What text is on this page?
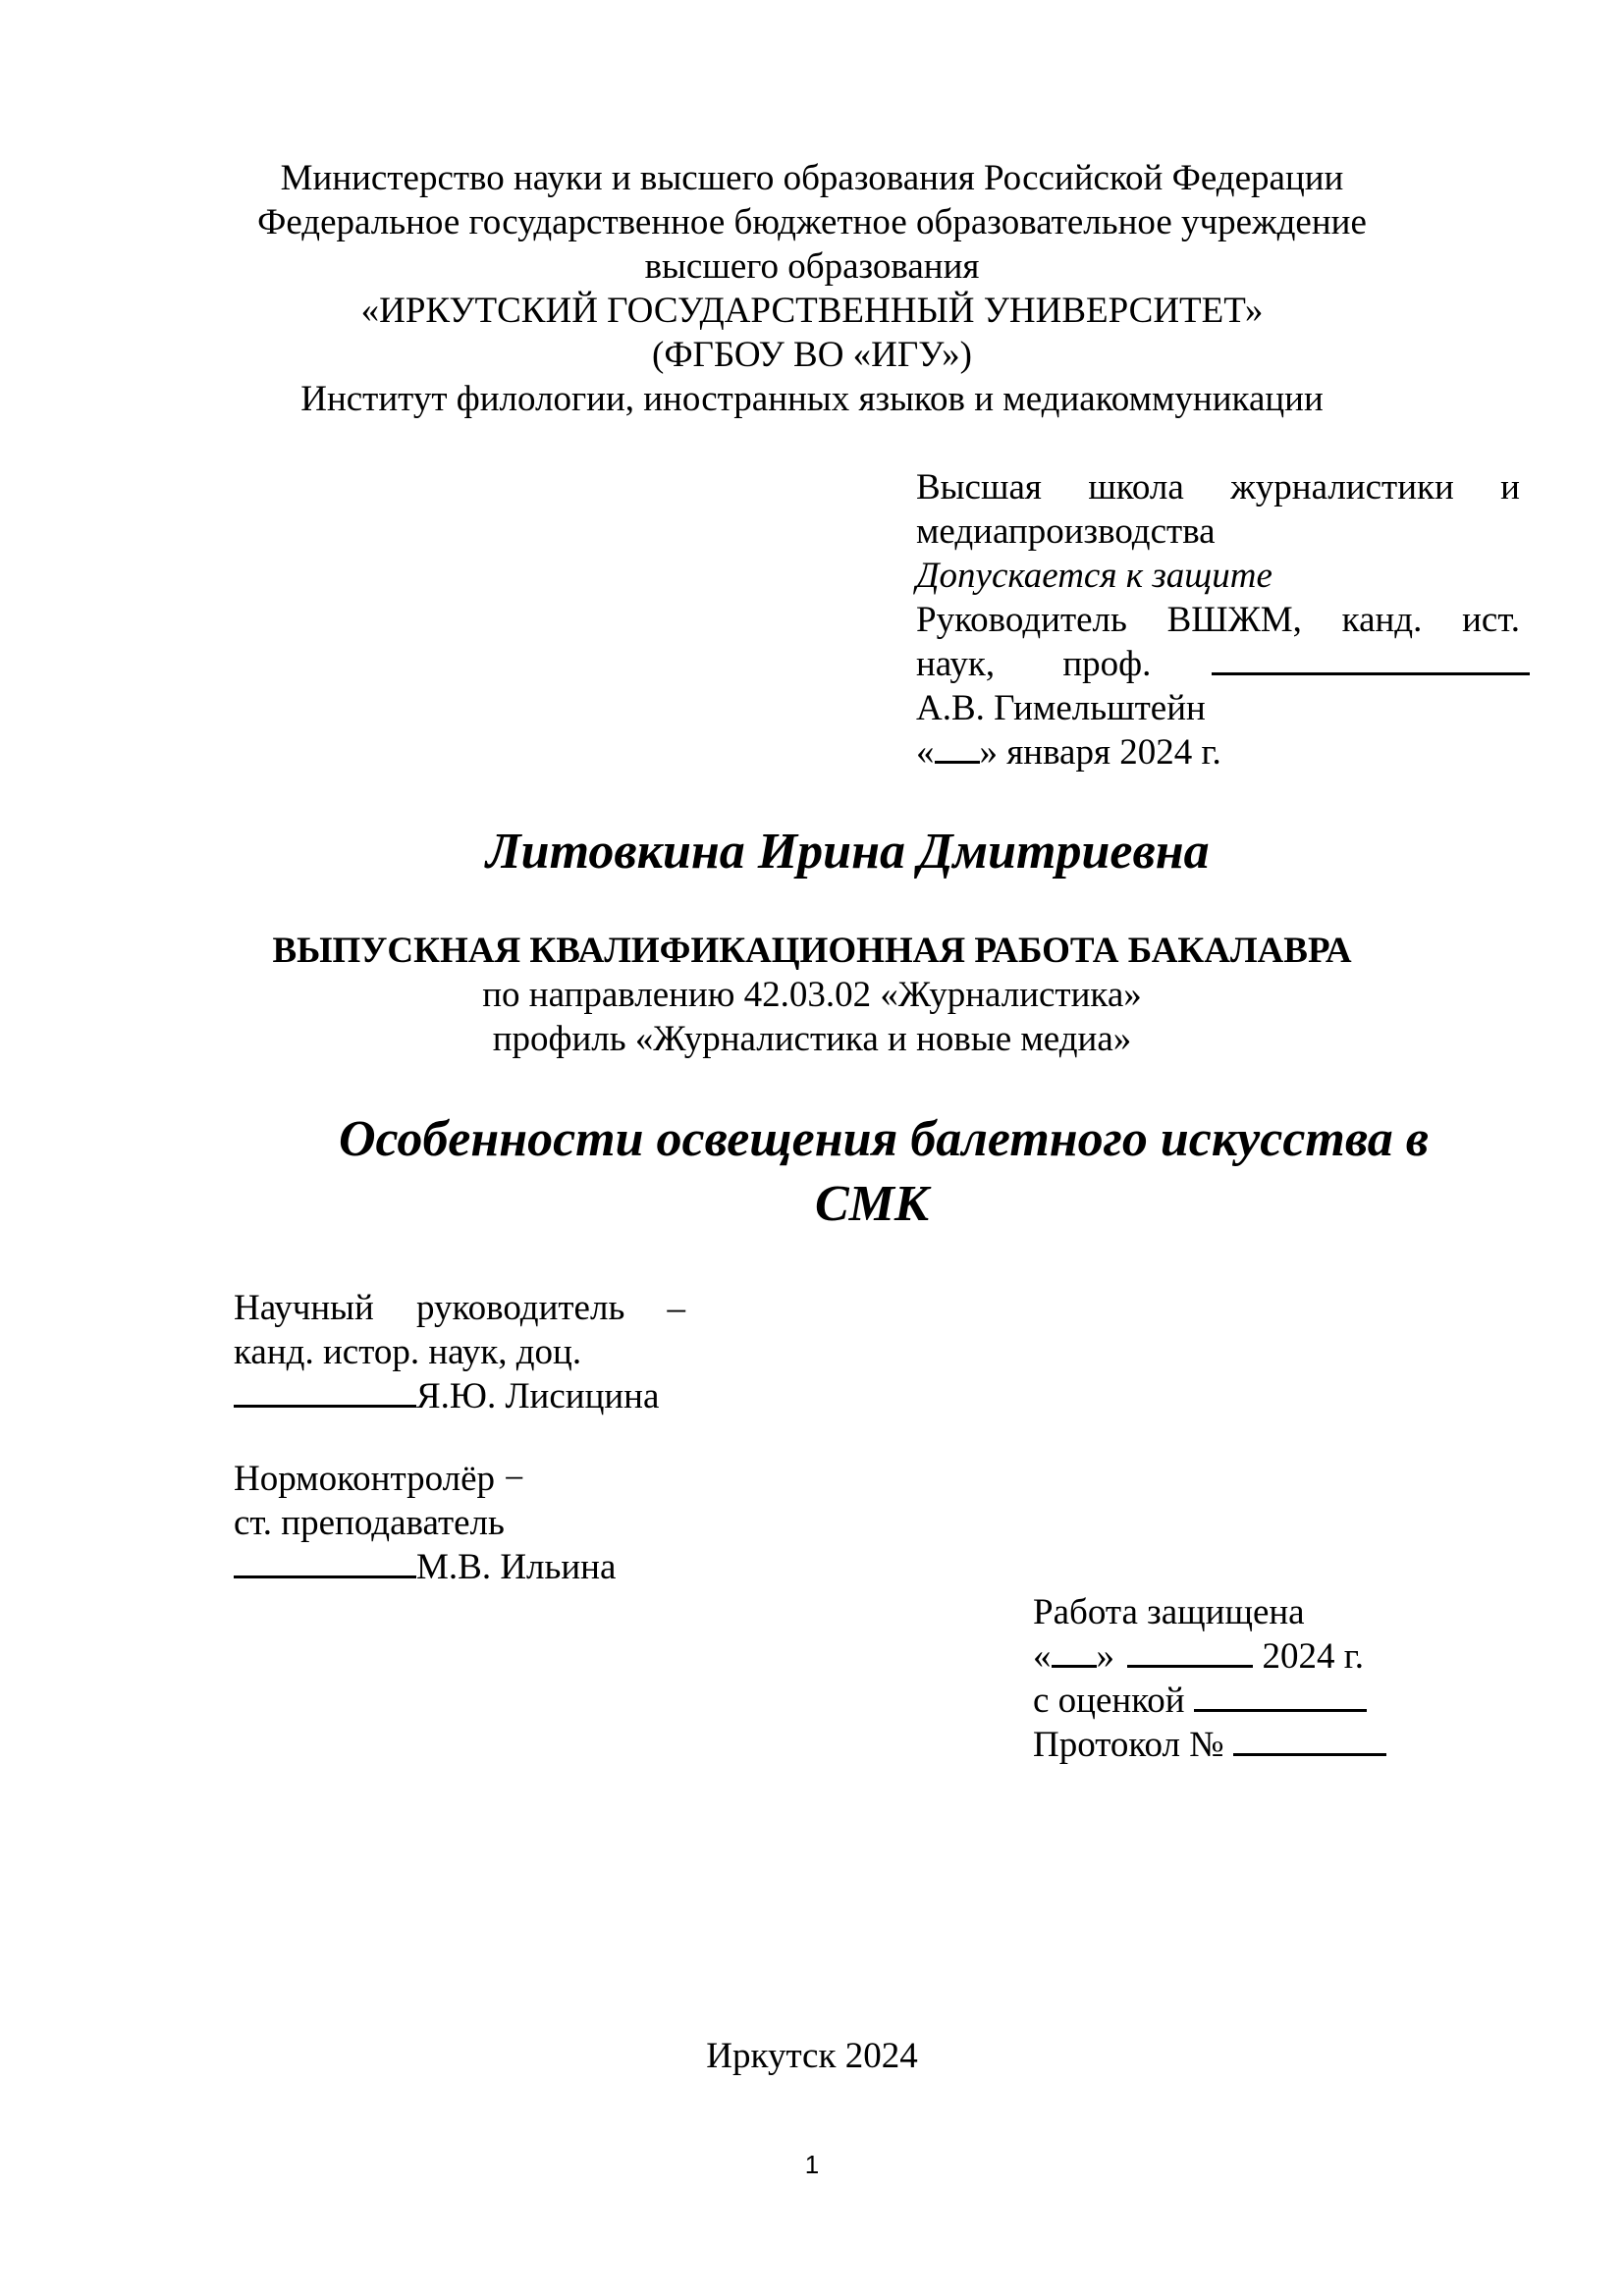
Министерство науки и высшего образования Российской Федерации
Федеральное государственное бюджетное образовательное учреждение
высшего образования
«ИРКУТСКИЙ ГОСУДАРСТВЕННЫЙ УНИВЕРСИТЕТ»
(ФГБОУ ВО «ИГУ»)
Институт филологии, иностранных языков и медиакоммуникации
Высшая школа журналистики и
медиапроизводства
Допускается к защите
Руководитель ВШЖМ, канд. ист.
наук, проф.
А.В. Гимельштейн
« » января 2024 г.
Литовкина Ирина Дмитриевна
ВЫПУСКНАЯ КВАЛИФИКАЦИОННАЯ РАБОТА БАКАЛАВРА
по направлению 42.03.02 «Журналистика»
профиль «Журналистика и новые медиа»
Особенности освещения балетного искусства в
СМК
Научный руководитель –
канд. истор. наук, доц.
Я.Ю. Лисицина
Нормоконтролёр −
ст. преподаватель
М.В. Ильина
Работа защищена
« »	2024 г.
с оценкой
Протокол №
Иркутск 2024
1
